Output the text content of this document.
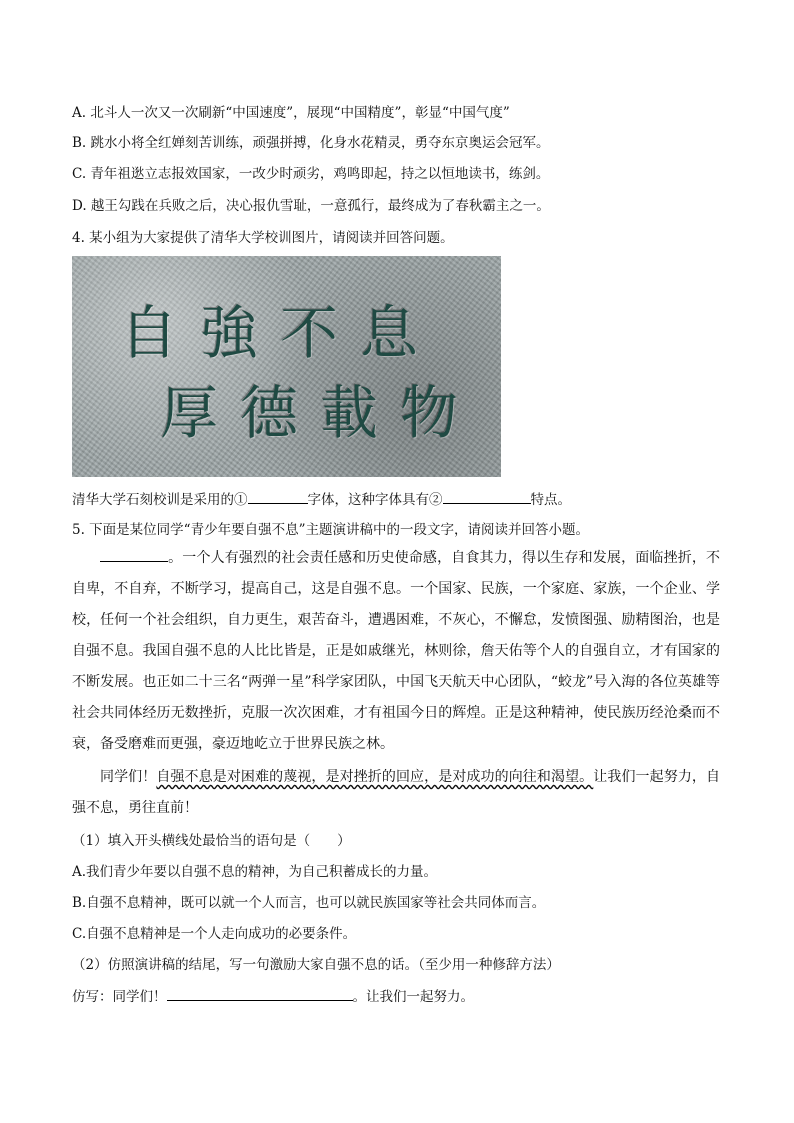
A. 北斗人一次又一次刷新“中国速度”，展现“中国精度”，彰显“中国气度”
B. 跳水小将全红婵刻苦训练，顽强拼搏，化身水花精灵，勇夺东京奥运会冠军。
C. 青年祖逖立志报效国家，一改少时顽劣，鸡鸣即起，持之以恒地读书，练剑。
D. 越王勾践在兵败之后，决心报仇雪耻，一意孤行，最终成为了春秋霸主之一。
4. 某小组为大家提供了清华大学校训图片，请阅读并回答问题。
自強不息
厚德載物
清华大学石刻校训是采用的①	字体，这种字体具有②	特点。
5. 下面是某位同学“青少年要自强不息”主题演讲稿中的一段文字，请阅读并回答小题。

。一个人有强烈的社会责任感和历史使命感，自食其力，得以生存和发展，面临挫折，不自卑，不自弃，不断学习，提高自己，这是自强不息。一个国家、民族，一个家庭、家族，一个企业、学校，任何一个社会组织，自力更生，艰苦奋斗，遭遇困难，不灰心，不懈怠，发愤图强、励精图治，也是自强不息。我国自强不息的人比比皆是，正是如戚继光，林则徐，詹天佑等个人的自强自立，才有国家的不断发展。也正如二十三名“两弹一星”科学家团队，中国飞天航天中心团队，“蛟龙”号入海的各位英雄等社会共同体经历无数挫折，克服一次次困难，才有祖国今日的辉煌。正是这种精神，使民族历经沧桑而不衰，备受磨难而更强，豪迈地屹立于世界民族之林。

同学们！自强不息是对困难的蔑视，是对挫折的回应，是对成功的向往和渴望。让我们一起努力，自强不息，勇往直前！

（1）填入开头横线处最恰当的语句是（　　）
A.我们青少年要以自强不息的精神，为自己积蓄成长的力量。
B.自强不息精神，既可以就一个人而言，也可以就民族国家等社会共同体而言。
C.自强不息精神是一个人走向成功的必要条件。
（2）仿照演讲稿的结尾，写一句激励大家自强不息的话。（至少用一种修辞方法）
仿写：同学们！	。让我们一起努力。
